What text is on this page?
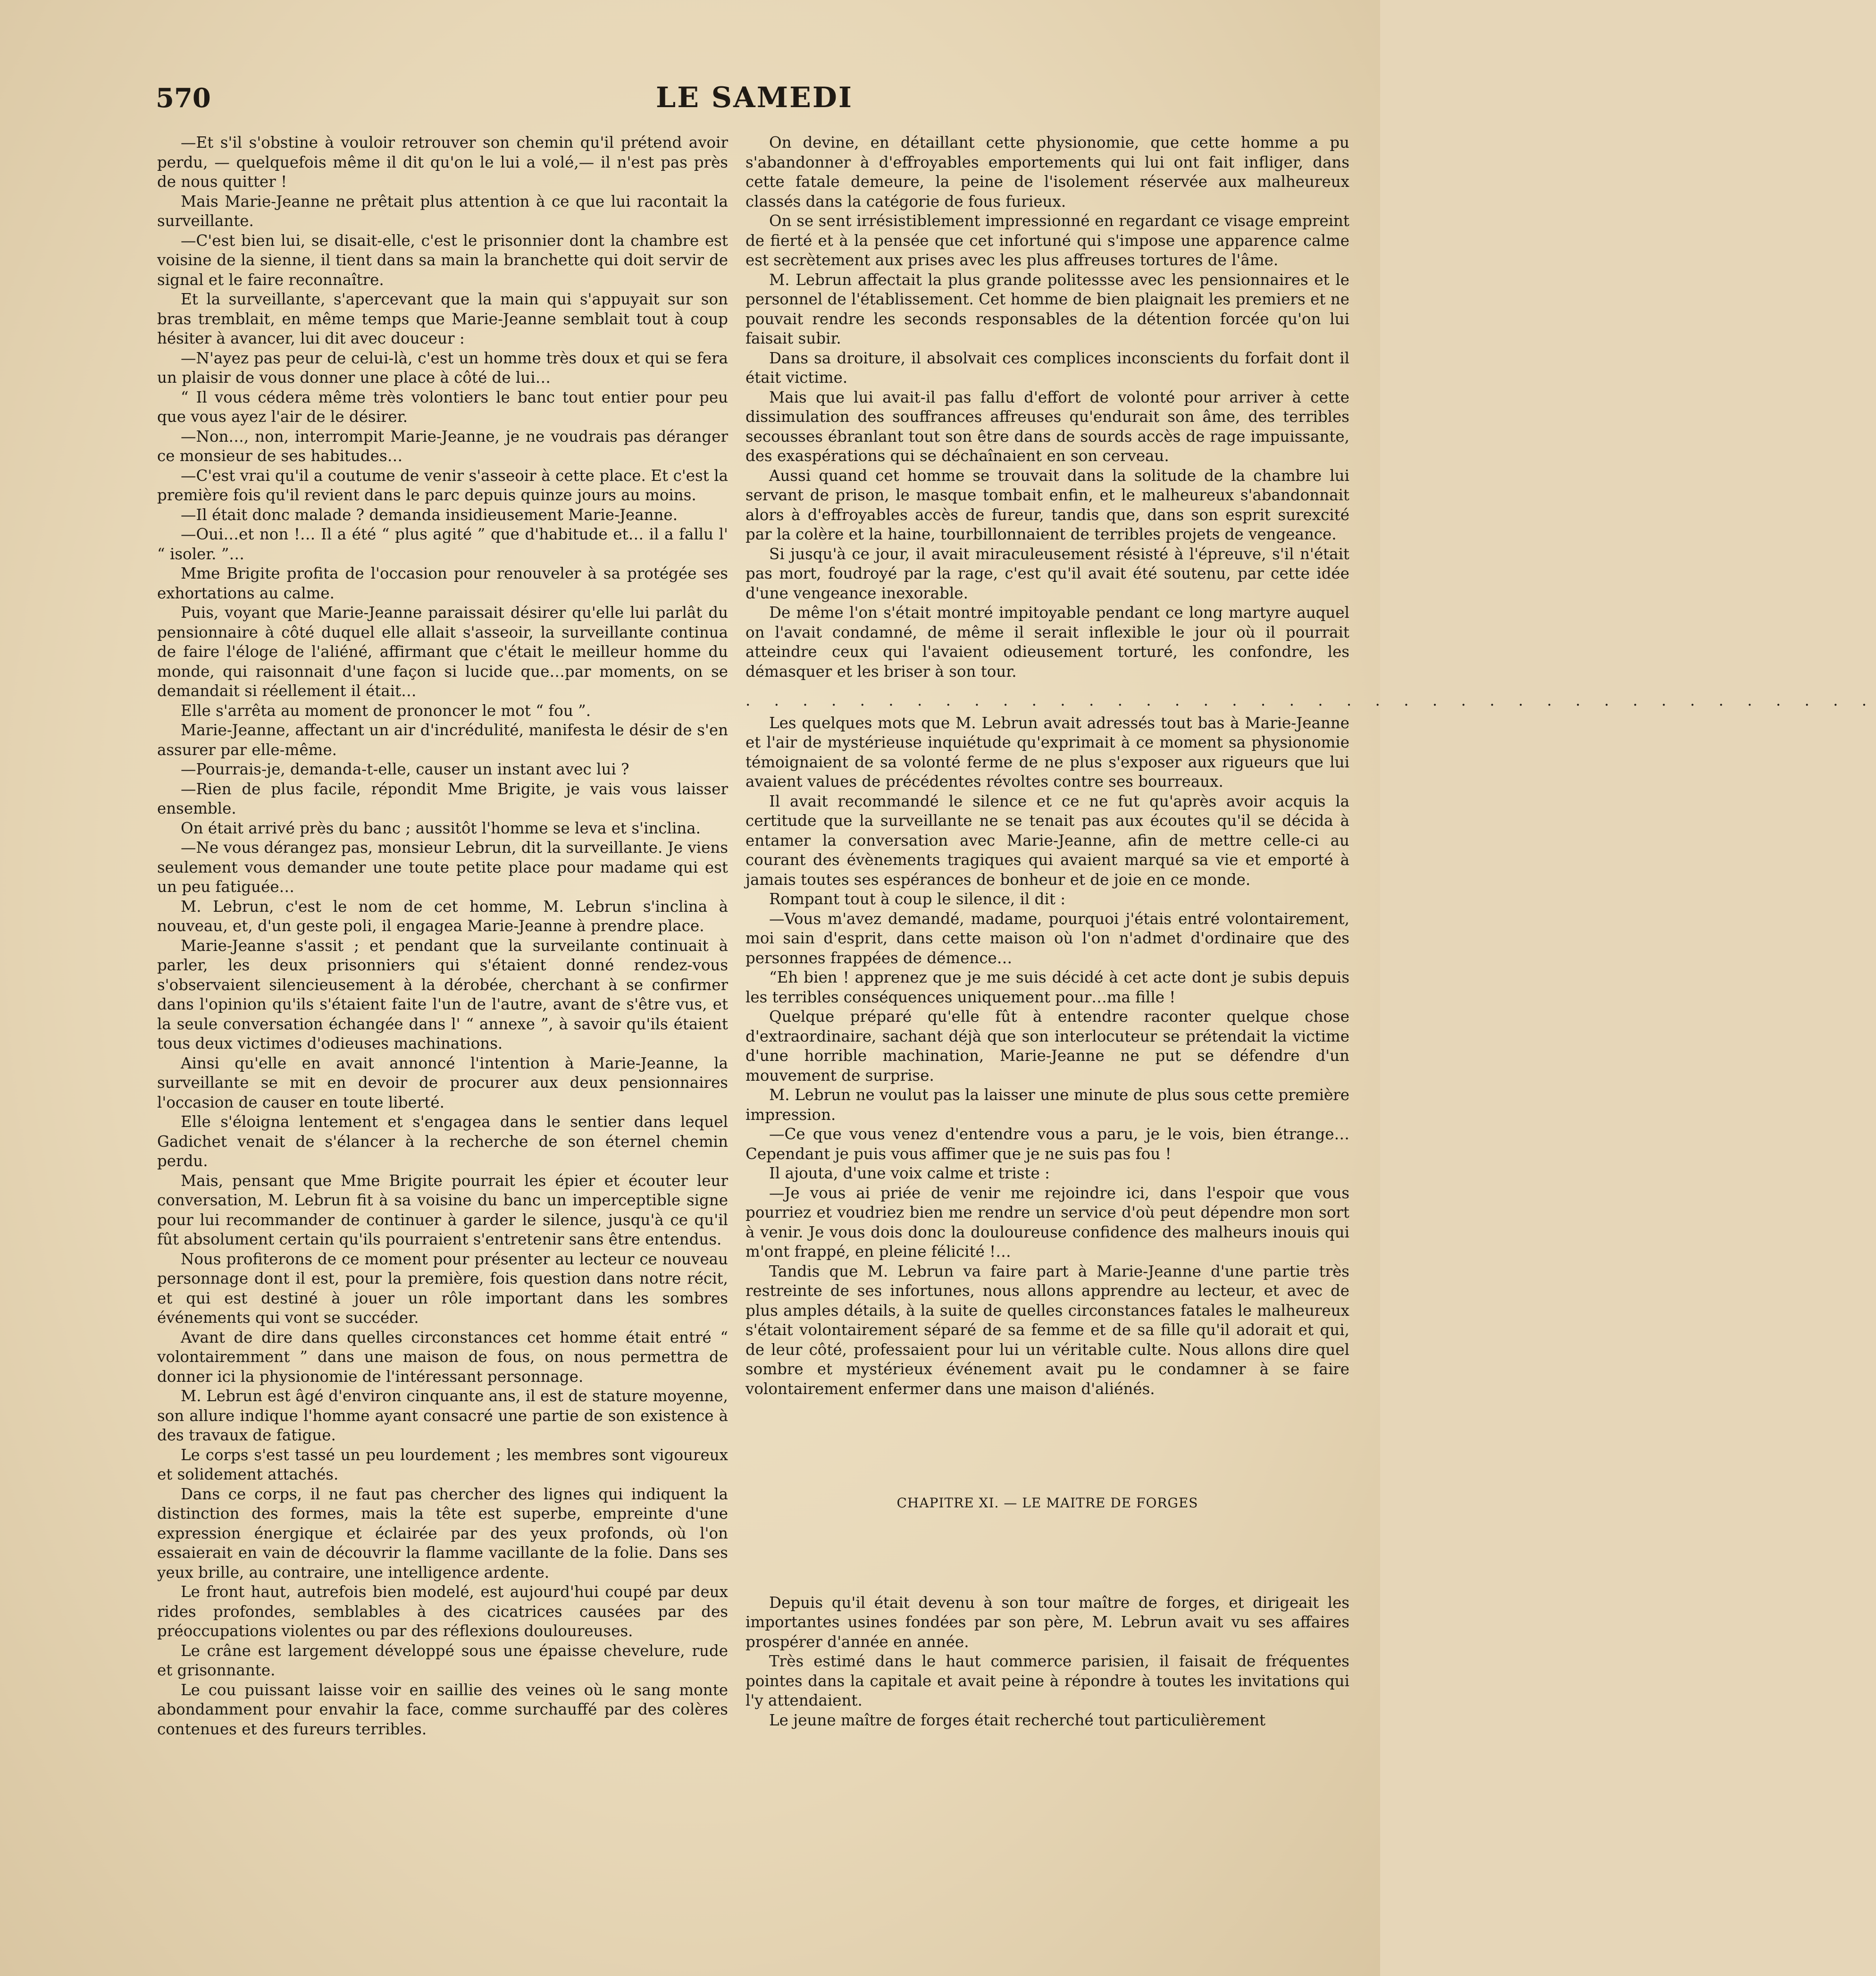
570	LE SAMEDI

—Et s'il s'obstine à vouloir retrouver son chemin qu'il prétend avoir perdu, — quelquefois même il dit qu'on le lui a volé,— il n'est pas près de nous quitter !

Mais Marie-Jeanne ne prêtait plus attention à ce que lui racontait la surveillante.

—C'est bien lui, se disait-elle, c'est le prisonnier dont la chambre est voisine de la sienne, il tient dans sa main la branchette qui doit servir de signal et le faire reconnaître.

Et la surveillante, s'apercevant que la main qui s'appuyait sur son bras tremblait, en même temps que Marie-Jeanne semblait tout à coup hésiter à avancer, lui dit avec douceur :

—N'ayez pas peur de celui-là, c'est un homme très doux et qui se fera un plaisir de vous donner une place à côté de lui…

“ Il vous cédera même très volontiers le banc tout entier pour peu que vous ayez l'air de le désirer.

—Non…, non, interrompit Marie-Jeanne, je ne voudrais pas déranger ce monsieur de ses habitudes…

—C'est vrai qu'il a coutume de venir s'asseoir à cette place. Et c'est la première fois qu'il revient dans le parc depuis quinze jours au moins.

—Il était donc malade ? demanda insidieusement Marie-Jeanne.

—Oui…et non !… Il a été “ plus agité ” que d'habitude et… il a fallu l' “ isoler. ”…

Mme Brigite profita de l'occasion pour renouveler à sa protégée ses exhortations au calme.

Puis, voyant que Marie-Jeanne paraissait désirer qu'elle lui parlât du pensionnaire à côté duquel elle allait s'asseoir, la surveillante continua de faire l'éloge de l'aliéné, affirmant que c'était le meilleur homme du monde, qui raisonnait d'une façon si lucide que…par moments, on se demandait si réellement il était…

Elle s'arrêta au moment de prononcer le mot “ fou ”.

Marie-Jeanne, affectant un air d'incrédulité, manifesta le désir de s'en assurer par elle-même.

—Pourrais-je, demanda-t-elle, causer un instant avec lui ?

—Rien de plus facile, répondit Mme Brigite, je vais vous laisser ensemble.

On était arrivé près du banc ; aussitôt l'homme se leva et s'inclina.

—Ne vous dérangez pas, monsieur Lebrun, dit la surveillante. Je viens seulement vous demander une toute petite place pour madame qui est un peu fatiguée…

M. Lebrun, c'est le nom de cet homme, M. Lebrun s'inclina à nouveau, et, d'un geste poli, il engagea Marie-Jeanne à prendre place.

Marie-Jeanne s'assit ; et pendant que la surveilante continuait à parler, les deux prisonniers qui s'étaient donné rendez-vous s'observaient silencieusement à la dérobée, cherchant à se confirmer dans l'opinion qu'ils s'étaient faite l'un de l'autre, avant de s'être vus, et la seule conversation échangée dans l' “ annexe ”, à savoir qu'ils étaient tous deux victimes d'odieuses machinations.

Ainsi qu'elle en avait annoncé l'intention à Marie-Jeanne, la surveillante se mit en devoir de procurer aux deux pensionnaires l'occasion de causer en toute liberté.

Elle s'éloigna lentement et s'engagea dans le sentier dans lequel Gadichet venait de s'élancer à la recherche de son éternel chemin perdu.

Mais, pensant que Mme Brigite pourrait les épier et écouter leur conversation, M. Lebrun fit à sa voisine du banc un imperceptible signe pour lui recommander de continuer à garder le silence, jusqu'à ce qu'il fût absolument certain qu'ils pourraient s'entretenir sans être entendus.

Nous profiterons de ce moment pour présenter au lecteur ce nouveau personnage dont il est, pour la première, fois question dans notre récit, et qui est destiné à jouer un rôle important dans les sombres événements qui vont se succéder.

Avant de dire dans quelles circonstances cet homme était entré “ volontairemment ” dans une maison de fous, on nous permettra de donner ici la physionomie de l'intéressant personnage.

M. Lebrun est âgé d'environ cinquante ans, il est de stature moyenne, son allure indique l'homme ayant consacré une partie de son existence à des travaux de fatigue.

Le corps s'est tassé un peu lourdement ; les membres sont vigoureux et solidement attachés.

Dans ce corps, il ne faut pas chercher des lignes qui indiquent la distinction des formes, mais la tête est superbe, empreinte d'une expression énergique et éclairée par des yeux profonds, où l'on essaierait en vain de découvrir la flamme vacillante de la folie. Dans ses yeux brille, au contraire, une intelligence ardente.

Le front haut, autrefois bien modelé, est aujourd'hui coupé par deux rides profondes, semblables à des cicatrices causées par des préoccupations violentes ou par des réflexions douloureuses.

Le crâne est largement développé sous une épaisse chevelure, rude et grisonnante.

Le cou puissant laisse voir en saillie des veines où le sang monte abondamment pour envahir la face, comme surchauffé par des colères contenues et des fureurs terribles.

On devine, en détaillant cette physionomie, que cette homme a pu s'abandonner à d'effroyables emportements qui lui ont fait infliger, dans cette fatale demeure, la peine de l'isolement réservée aux malheureux classés dans la catégorie de fous furieux.

On se sent irrésistiblement impressionné en regardant ce visage empreint de fierté et à la pensée que cet infortuné qui s'impose une apparence calme est secrètement aux prises avec les plus affreuses tortures de l'âme.

M. Lebrun affectait la plus grande politessse avec les pensionnaires et le personnel de l'établissement. Cet homme de bien plaignait les premiers et ne pouvait rendre les seconds responsables de la détention forcée qu'on lui faisait subir.

Dans sa droiture, il absolvait ces complices inconscients du forfait dont il était victime.

Mais que lui avait-il pas fallu d'effort de volonté pour arriver à cette dissimulation des souffrances affreuses qu'endurait son âme, des terribles secousses ébranlant tout son être dans de sourds accès de rage impuissante, des exaspérations qui se déchaînaient en son cerveau.

Aussi quand cet homme se trouvait dans la solitude de la chambre lui servant de prison, le masque tombait enfin, et le malheureux s'abandonnait alors à d'effroyables accès de fureur, tandis que, dans son esprit surexcité par la colère et la haine, tourbillonnaient de terribles projets de vengeance.

Si jusqu'à ce jour, il avait miraculeusement résisté à l'épreuve, s'il n'était pas mort, foudroyé par la rage, c'est qu'il avait été soutenu, par cette idée d'une vengeance inexorable.

De même l'on s'était montré impitoyable pendant ce long martyre auquel on l'avait condamné, de même il serait inflexible le jour où il pourrait atteindre ceux qui l'avaient odieusement torturé, les confondre, les démasquer et les briser à son tour.

. . . . . . . . . . . . . . . . . . . . . . . . . . . . . . . . . . . . . . . .

Les quelques mots que M. Lebrun avait adressés tout bas à Marie-Jeanne et l'air de mystérieuse inquiétude qu'exprimait à ce moment sa physionomie témoignaient de sa volonté ferme de ne plus s'exposer aux rigueurs que lui avaient values de précédentes révoltes contre ses bourreaux.

Il avait recommandé le silence et ce ne fut qu'après avoir acquis la certitude que la surveillante ne se tenait pas aux écoutes qu'il se décida à entamer la conversation avec Marie-Jeanne, afin de mettre celle-ci au courant des évènements tragiques qui avaient marqué sa vie et emporté à jamais toutes ses espérances de bonheur et de joie en ce monde.

Rompant tout à coup le silence, il dit :

—Vous m'avez demandé, madame, pourquoi j'étais entré volontairement, moi sain d'esprit, dans cette maison où l'on n'admet d'ordinaire que des personnes frappées de démence…

“Eh bien ! apprenez que je me suis décidé à cet acte dont je subis depuis les terribles conséquences uniquement pour…ma fille !

Quelque préparé qu'elle fût à entendre raconter quelque chose d'extraordinaire, sachant déjà que son interlocuteur se prétendait la victime d'une horrible machination, Marie-Jeanne ne put se défendre d'un mouvement de surprise.

M. Lebrun ne voulut pas la laisser une minute de plus sous cette première impression.

—Ce que vous venez d'entendre vous a paru, je le vois, bien étrange… Cependant je puis vous affimer que je ne suis pas fou !

Il ajouta, d'une voix calme et triste :

—Je vous ai priée de venir me rejoindre ici, dans l'espoir que vous pourriez et voudriez bien me rendre un service d'où peut dépendre mon sort à venir. Je vous dois donc la douloureuse confidence des malheurs inouis qui m'ont frappé, en pleine félicité !…

Tandis que M. Lebrun va faire part à Marie-Jeanne d'une partie très restreinte de ses infortunes, nous allons apprendre au lecteur, et avec de plus amples détails, à la suite de quelles circonstances fatales le malheureux s'était volontairement séparé de sa femme et de sa fille qu'il adorait et qui, de leur côté, professaient pour lui un véritable culte. Nous allons dire quel sombre et mystérieux événement avait pu le condamner à se faire volontairement enfermer dans une maison d'aliénés.

CHAPITRE XI. — LE MAITRE DE FORGES

Depuis qu'il était devenu à son tour maître de forges, et dirigeait les importantes usines fondées par son père, M. Lebrun avait vu ses affaires prospérer d'année en année.

Très estimé dans le haut commerce parisien, il faisait de fréquentes pointes dans la capitale et avait peine à répondre à toutes les invitations qui l'y attendaient.

Le jeune maître de forges était recherché tout particulièrement
